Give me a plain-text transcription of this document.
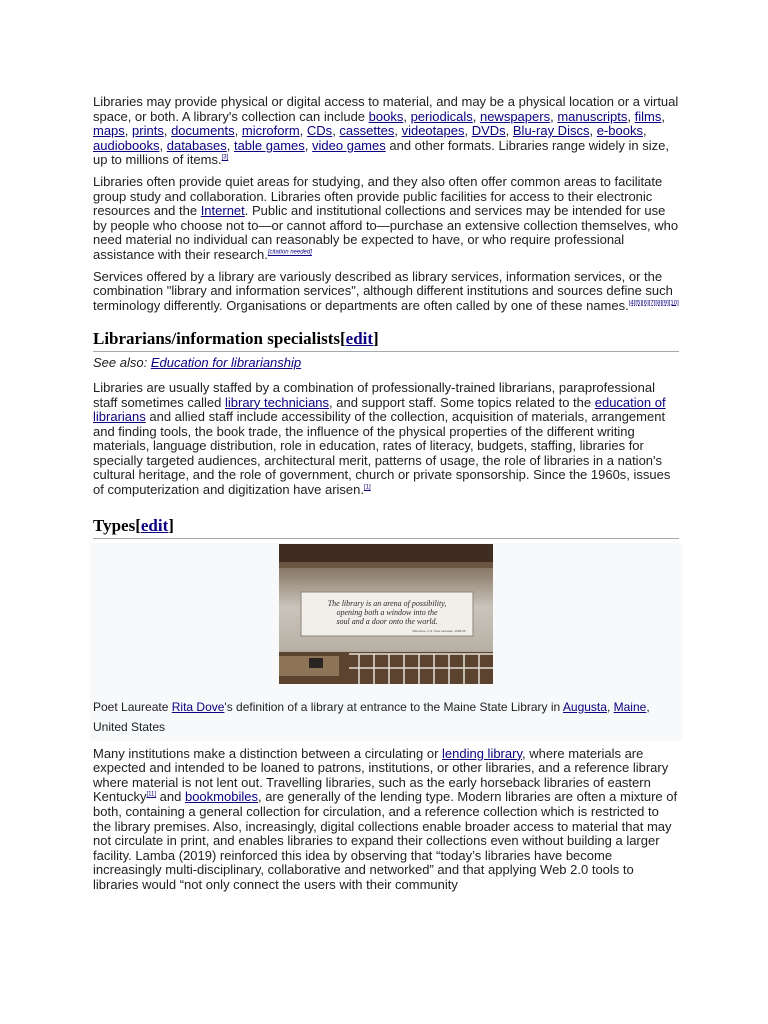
Libraries may provide physical or digital access to material, and may be a physical location or a virtual space, or both. A library's collection can include books, periodicals, newspapers, manuscripts, films, maps, prints, documents, microform, CDs, cassettes, videotapes, DVDs, Blu-ray Discs, e-books, audiobooks, databases, table games, video games and other formats. Libraries range widely in size, up to millions of items.[3]

Libraries often provide quiet areas for studying, and they also often offer common areas to facilitate group study and collaboration. Libraries often provide public facilities for access to their electronic resources and the Internet. Public and institutional collections and services may be intended for use by people who choose not to—or cannot afford to—purchase an extensive collection themselves, who need material no individual can reasonably be expected to have, or who require professional assistance with their research.[citation needed]

Services offered by a library are variously described as library services, information services, or the combination "library and information services", although different institutions and sources define such terminology differently. Organisations or departments are often called by one of these names.[4][5][6][7][8][9][10]

Librarians/information specialists[edit]
See also: Education for librarianship

Libraries are usually staffed by a combination of professionally-trained librarians, paraprofessional staff sometimes called library technicians, and support staff. Some topics related to the education of librarians and allied staff include accessibility of the collection, acquisition of materials, arrangement and finding tools, the book trade, the influence of the physical properties of the different writing materials, language distribution, role in education, rates of literacy, budgets, staffing, libraries for specially targeted audiences, architectural merit, patterns of usage, the role of libraries in a nation's cultural heritage, and the role of government, church or private sponsorship. Since the 1960s, issues of computerization and digitization have arisen.[1]

Types[edit]
The library is an arena of possibility,
opening both a window into the
soul and a door onto the world.
Rita Dove, U.S. Poet Laureate, 1993-95
Poet Laureate Rita Dove's definition of a library at entrance to the Maine State Library in Augusta, Maine, United States

Many institutions make a distinction between a circulating or lending library, where materials are expected and intended to be loaned to patrons, institutions, or other libraries, and a reference library where material is not lent out. Travelling libraries, such as the early horseback libraries of eastern Kentucky[11] and bookmobiles, are generally of the lending type. Modern libraries are often a mixture of both, containing a general collection for circulation, and a reference collection which is restricted to the library premises. Also, increasingly, digital collections enable broader access to material that may not circulate in print, and enables libraries to expand their collections even without building a larger facility. Lamba (2019) reinforced this idea by observing that “today’s libraries have become increasingly multi-disciplinary, collaborative and networked” and that applying Web 2.0 tools to libraries would “not only connect the users with their community
